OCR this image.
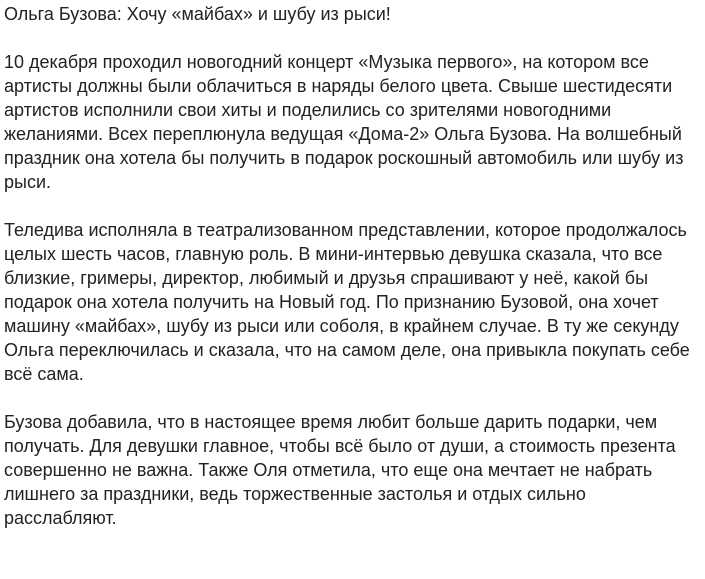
Ольга Бузова: Хочу «майбах» и шубу из рыси!

10 декабря проходил новогодний концерт «Музыка первого», на котором все артисты должны были облачиться в наряды белого цвета. Свыше шестидесяти артистов исполнили свои хиты и поделились со зрителями новогодними желаниями. Всех переплюнула ведущая «Дома-2» Ольга Бузова. На волшебный праздник она хотела бы получить в подарок роскошный автомобиль или шубу из рыси.

Теледива исполняла в театрализованном представлении, которое продолжалось целых шесть часов, главную роль. В мини-интервью девушка сказала, что все близкие, гримеры, директор, любимый и друзья спрашивают у неё, какой бы подарок она хотела получить на Новый год. По признанию Бузовой, она хочет машину «майбах», шубу из рыси или соболя, в крайнем случае. В ту же секунду Ольга переключилась и сказала, что на самом деле, она привыкла покупать себе всё сама.

Бузова добавила, что в настоящее время любит больше дарить подарки, чем получать. Для девушки главное, чтобы всё было от души, а стоимость презента совершенно не важна. Также Оля отметила, что еще она мечтает не набрать лишнего за праздники, ведь торжественные застолья и отдых сильно расслабляют.
